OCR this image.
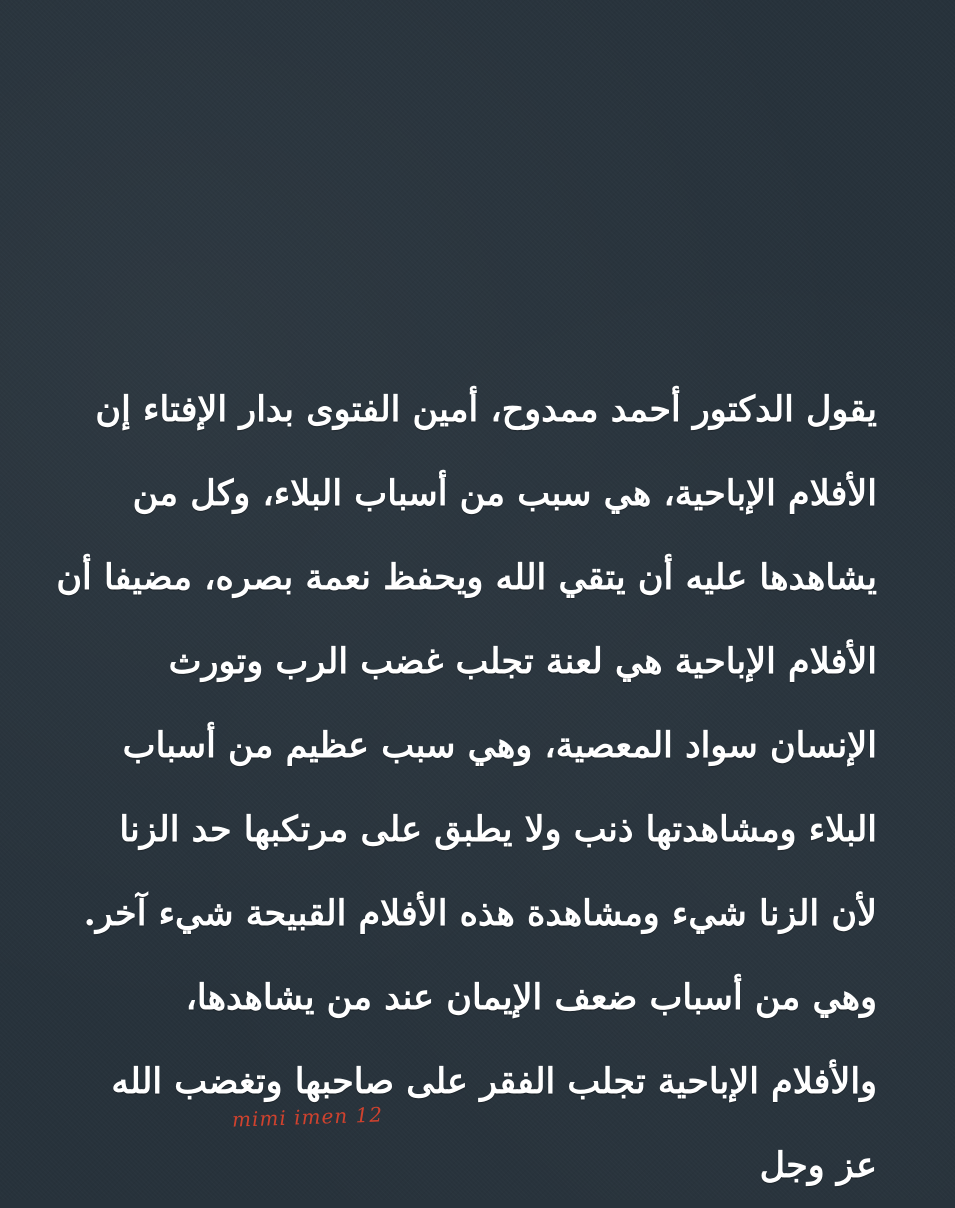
يقول الدكتور أحمد ممدوح، أمين الفتوى بدار الإفتاء إن
الأفلام الإباحية، هي سبب من أسباب البلاء، وكل من
يشاهدها عليه أن يتقي الله ويحفظ نعمة بصره، مضيفا أن
الأفلام الإباحية هي لعنة تجلب غضب الرب وتورث
الإنسان سواد المعصية، وهي سبب عظيم من أسباب
البلاء ومشاهدتها ذنب ولا يطبق على مرتكبها حد الزنا
لأن الزنا شيء ومشاهدة هذه الأفلام القبيحة شيء آخر.
وهي من أسباب ضعف الإيمان عند من يشاهدها،
والأفلام الإباحية تجلب الفقر على صاحبها وتغضب الله
عز وجل
mimi imen 12
